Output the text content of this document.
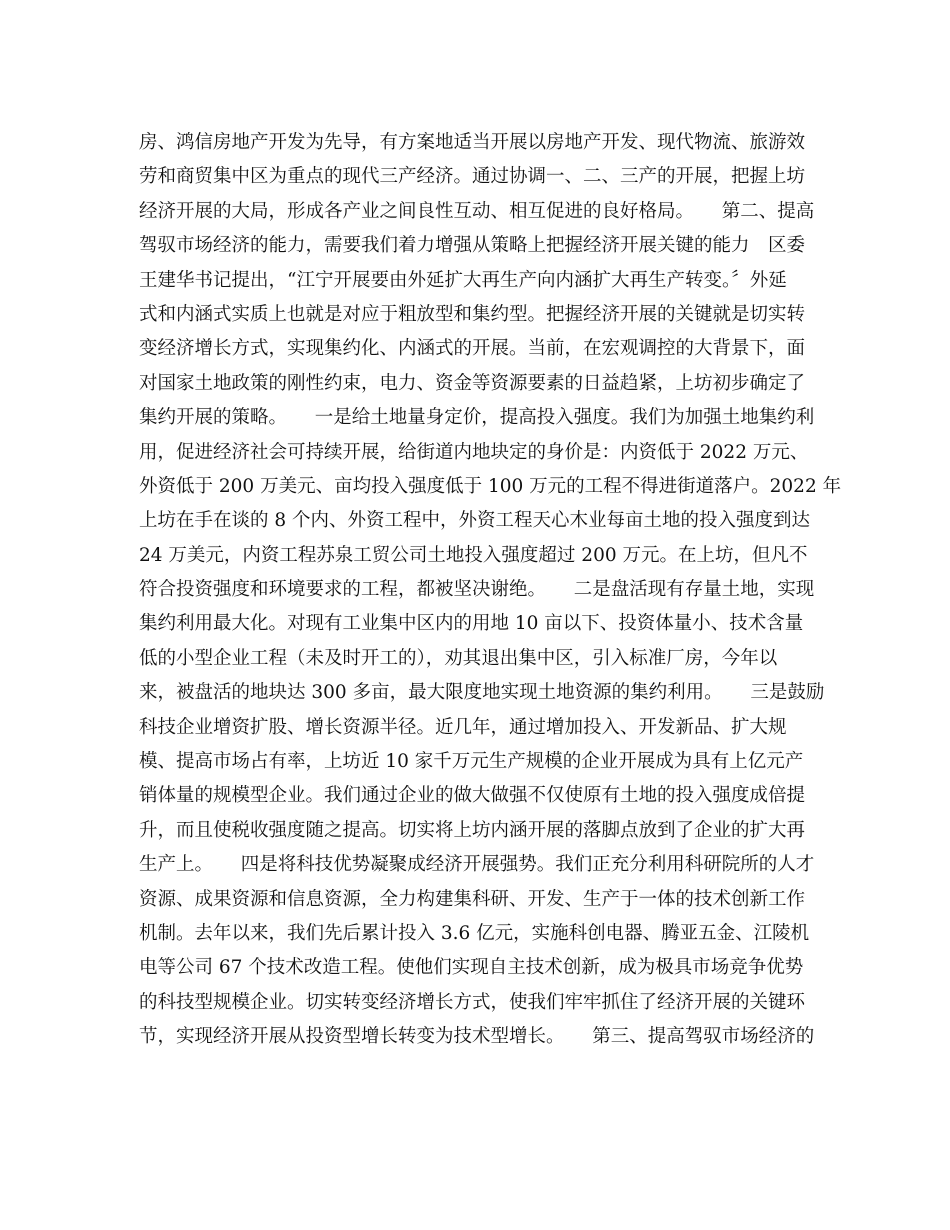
房、鸿信房地产开发为先导，有方案地适当开展以房地产开发、现代物流、旅游效
劳和商贸集中区为重点的现代三产经济。通过协调一、二、三产的开展，把握上坊
经济开展的大局，形成各产业之间良性互动、相互促进的良好格局。　　第二、提高
驾驭市场经济的能力，需要我们着力增强从策略上把握经济开展关键的能力　区委
王建华书记提出，“江宁开展要由外延扩大再生产向内涵扩大再生产转变。〞外延
式和内涵式实质上也就是对应于粗放型和集约型。把握经济开展的关键就是切实转
变经济增长方式，实现集约化、内涵式的开展。当前，在宏观调控的大背景下，面
对国家土地政策的刚性约束，电力、资金等资源要素的日益趋紧，上坊初步确定了
集约开展的策略。　　一是给土地量身定价，提高投入强度。我们为加强土地集约利
用，促进经济社会可持续开展，给街道内地块定的身价是：内资低于 2022 万元、
外资低于 200 万美元、亩均投入强度低于 100 万元的工程不得进街道落户。2022 年
上坊在手在谈的 8 个内、外资工程中，外资工程天心木业每亩土地的投入强度到达
24 万美元，内资工程苏泉工贸公司土地投入强度超过 200 万元。在上坊，但凡不
符合投资强度和环境要求的工程，都被坚决谢绝。　　二是盘活现有存量土地，实现
集约利用最大化。对现有工业集中区内的用地 10 亩以下、投资体量小、技术含量
低的小型企业工程（未及时开工的），劝其退出集中区，引入标准厂房，今年以
来，被盘活的地块达 300 多亩，最大限度地实现土地资源的集约利用。　　三是鼓励
科技企业增资扩股、增长资源半径。近几年，通过增加投入、开发新品、扩大规
模、提高市场占有率，上坊近 10 家千万元生产规模的企业开展成为具有上亿元产
销体量的规模型企业。我们通过企业的做大做强不仅使原有土地的投入强度成倍提
升，而且使税收强度随之提高。切实将上坊内涵开展的落脚点放到了企业的扩大再
生产上。　　四是将科技优势凝聚成经济开展强势。我们正充分利用科研院所的人才
资源、成果资源和信息资源，全力构建集科研、开发、生产于一体的技术创新工作
机制。去年以来，我们先后累计投入 3.6 亿元，实施科创电器、腾亚五金、江陵机
电等公司 67 个技术改造工程。使他们实现自主技术创新，成为极具市场竞争优势
的科技型规模企业。切实转变经济增长方式，使我们牢牢抓住了经济开展的关键环
节，实现经济开展从投资型增长转变为技术型增长。　　第三、提高驾驭市场经济的
